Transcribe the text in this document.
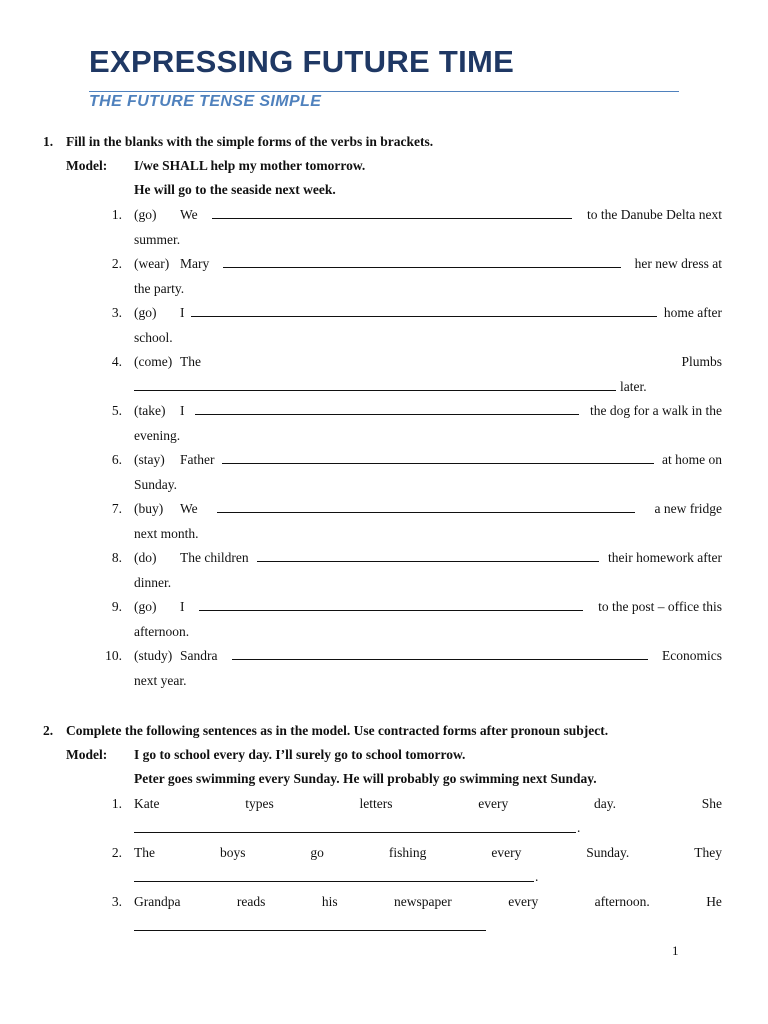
EXPRESSING FUTURE TIME
THE FUTURE TENSE SIMPLE
1. Fill in the blanks with the simple forms of the verbs in brackets.
Model: I/we SHALL help my mother tomorrow.
He will go to the seaside next week.
1. (go)	We	to the Danube Delta next
summer.
2. (wear) Mary	her new dress at
the party.
3. (go)	I	home after
school.
4. (come) The	Plumbs
later.
5. (take)	I	the dog for a walk in the
evening.
6. (stay)	Father	at home on
Sunday.
7. (buy)	We	a new fridge
next month.
8. (do)	The children	their homework after
dinner.
9. (go)	I	to the post – office this
afternoon.
10. (study) Sandra	Economics
next year.
2. Complete the following sentences as in the model. Use contracted forms after pronoun subject.
Model: I go to school every day. I’ll surely go to school tomorrow.
Peter goes swimming every Sunday. He will probably go swimming next Sunday.
1. Kate	types	letters	every	day.	She
.
2. The	boys	go	fishing	every	Sunday.	They
.
3. Grandpa	reads	his	newspaper	every	afternoon.	He
1
